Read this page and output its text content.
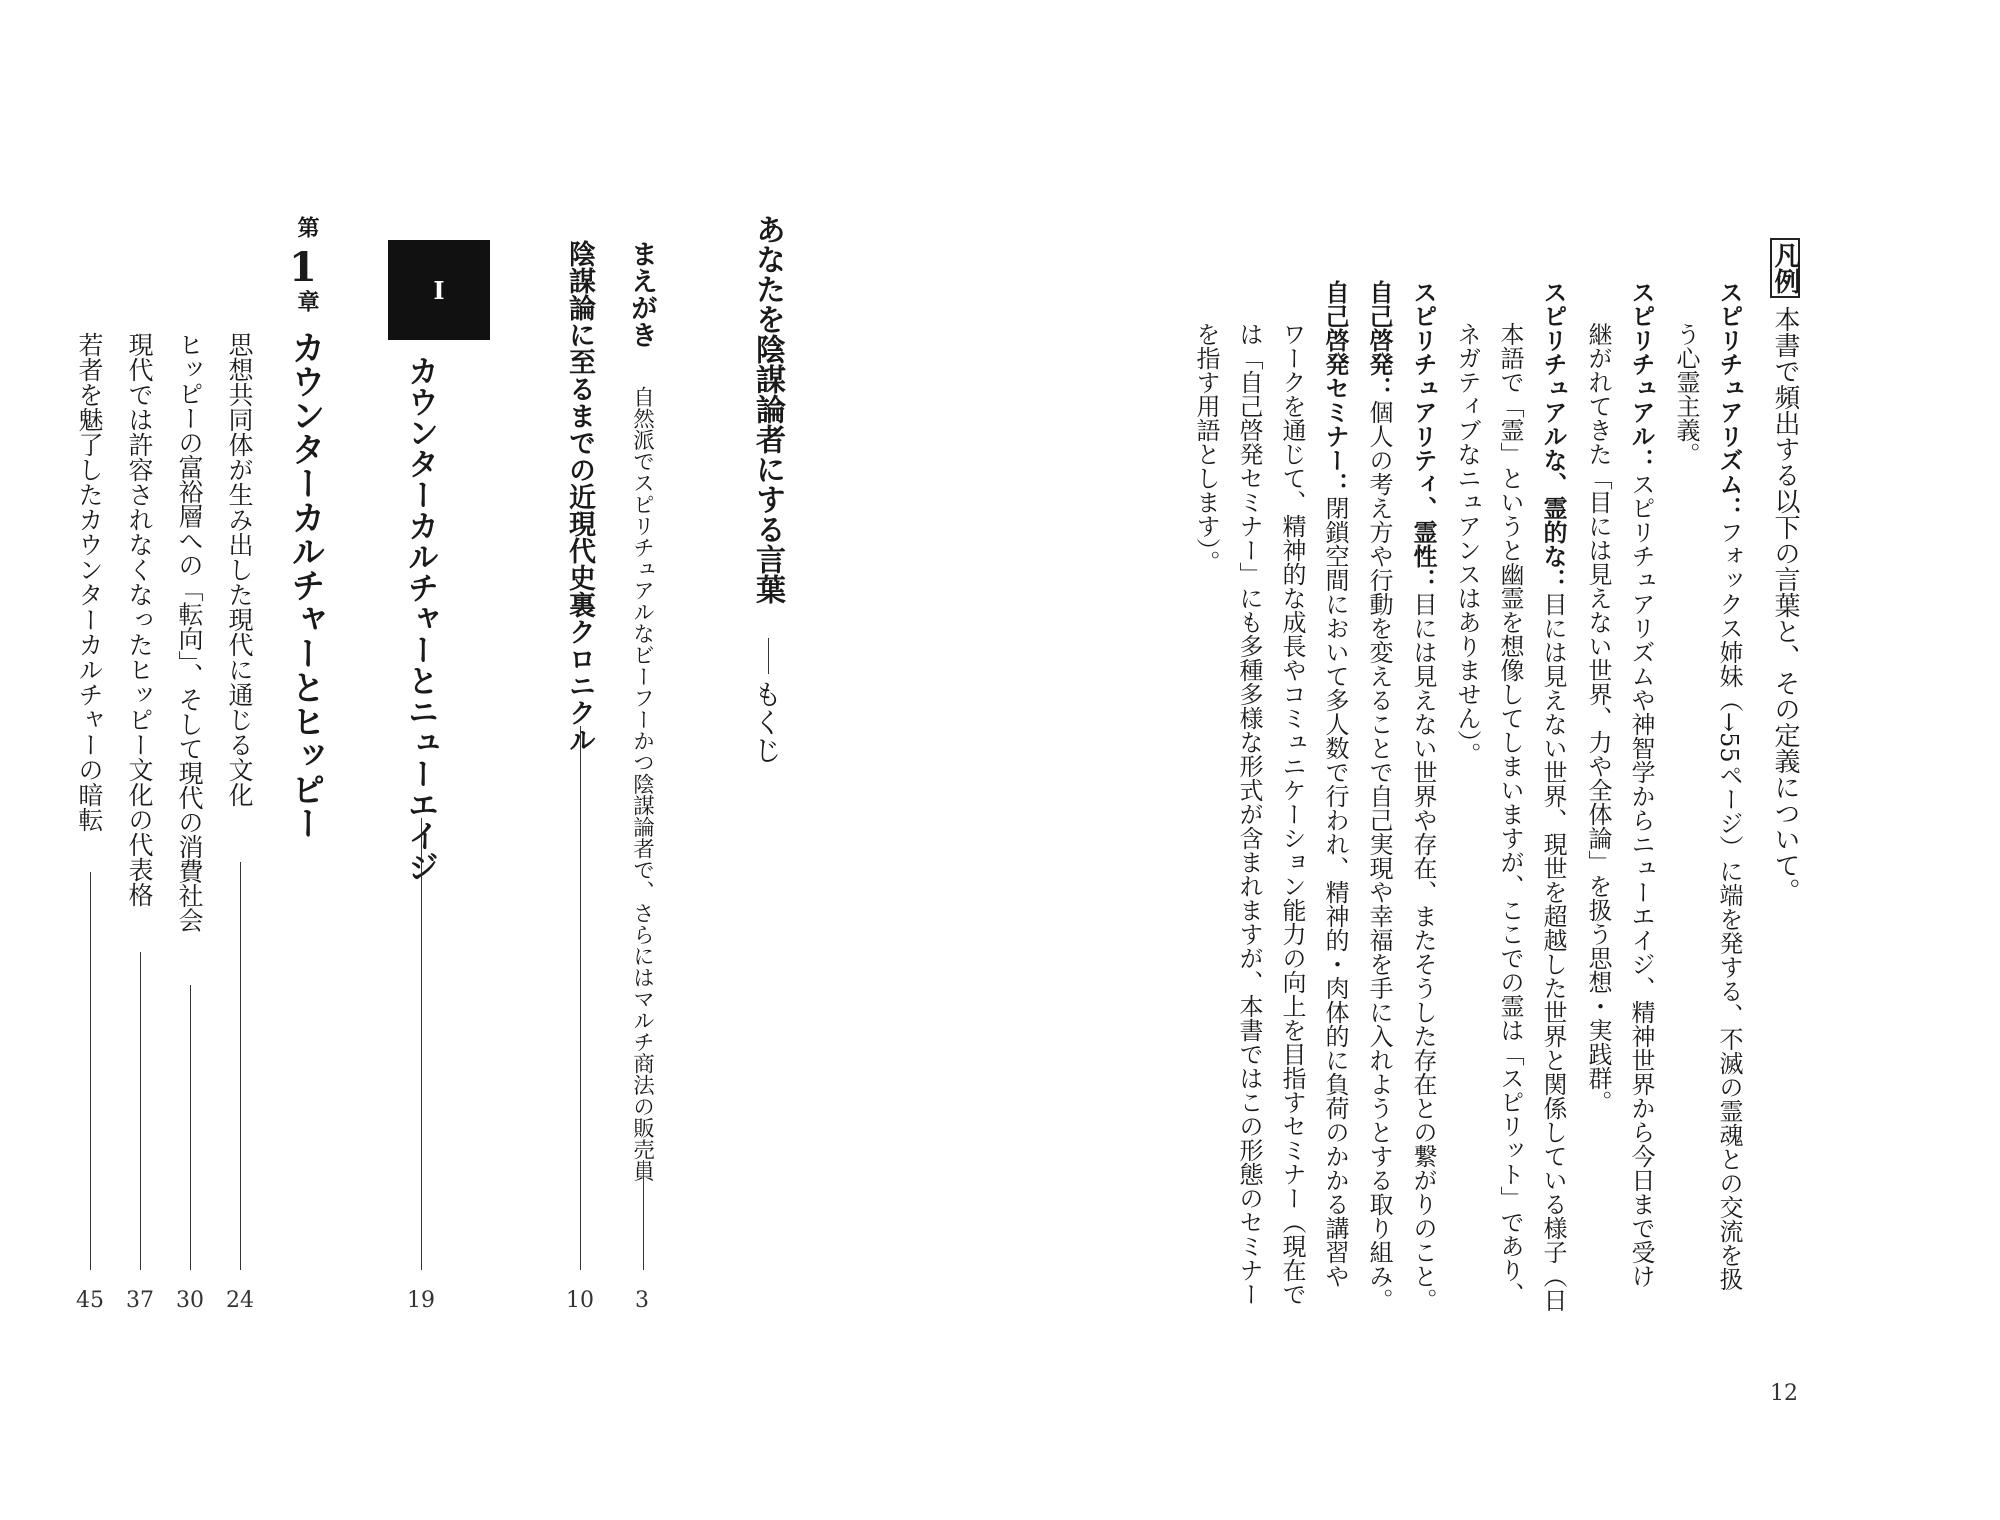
あなたを陰謀論者にする言葉
もくじ
まえがき
自然派でスピリチュアルなビーフーかつ陰謀論者で、さらにはマルチ商法の販売員
3
陰謀論に至るまでの近現代史裏クロニクル
10
I
カウンターカルチャーとニューエイジ
19
第
1
章
カウンターカルチャーとヒッピー
思想共同体が生み出した現代に通じる文化
24
ヒッピーの富裕層への「転向」、そして現代の消費社会
30
現代では許容されなくなったヒッピー文化の代表格
37
若者を魅了したカウンターカルチャーの暗転
45
凡例 本書で頻出する以下の言葉と、その定義について。
スピリチュアリズム：フォックス姉妹（→55ページ）に端を発する、不滅の霊魂との交流を扱
う心霊主義。
スピリチュアル：スピリチュアリズムや神智学からニューエイジ、精神世界から今日まで受け
継がれてきた「目には見えない世界、力や全体論」を扱う思想・実践群。
スピリチュアルな、霊的な：目には見えない世界、現世を超越した世界と関係している様子（日
本語で「霊」というと幽霊を想像してしまいますが、ここでの霊は「スピリット」であり、
ネガティブなニュアンスはありません）。
スピリチュアリティ、霊性：目には見えない世界や存在、またそうした存在との繋がりのこと。
自己啓発：個人の考え方や行動を変えることで自己実現や幸福を手に入れようとする取り組み。
自己啓発セミナー：閉鎖空間において多人数で行われ、精神的・肉体的に負荷のかかる講習や
ワークを通じて、精神的な成長やコミュニケーション能力の向上を目指すセミナー（現在で
は「自己啓発セミナー」にも多種多様な形式が含まれますが、本書ではこの形態のセミナー
を指す用語とします）。
12
